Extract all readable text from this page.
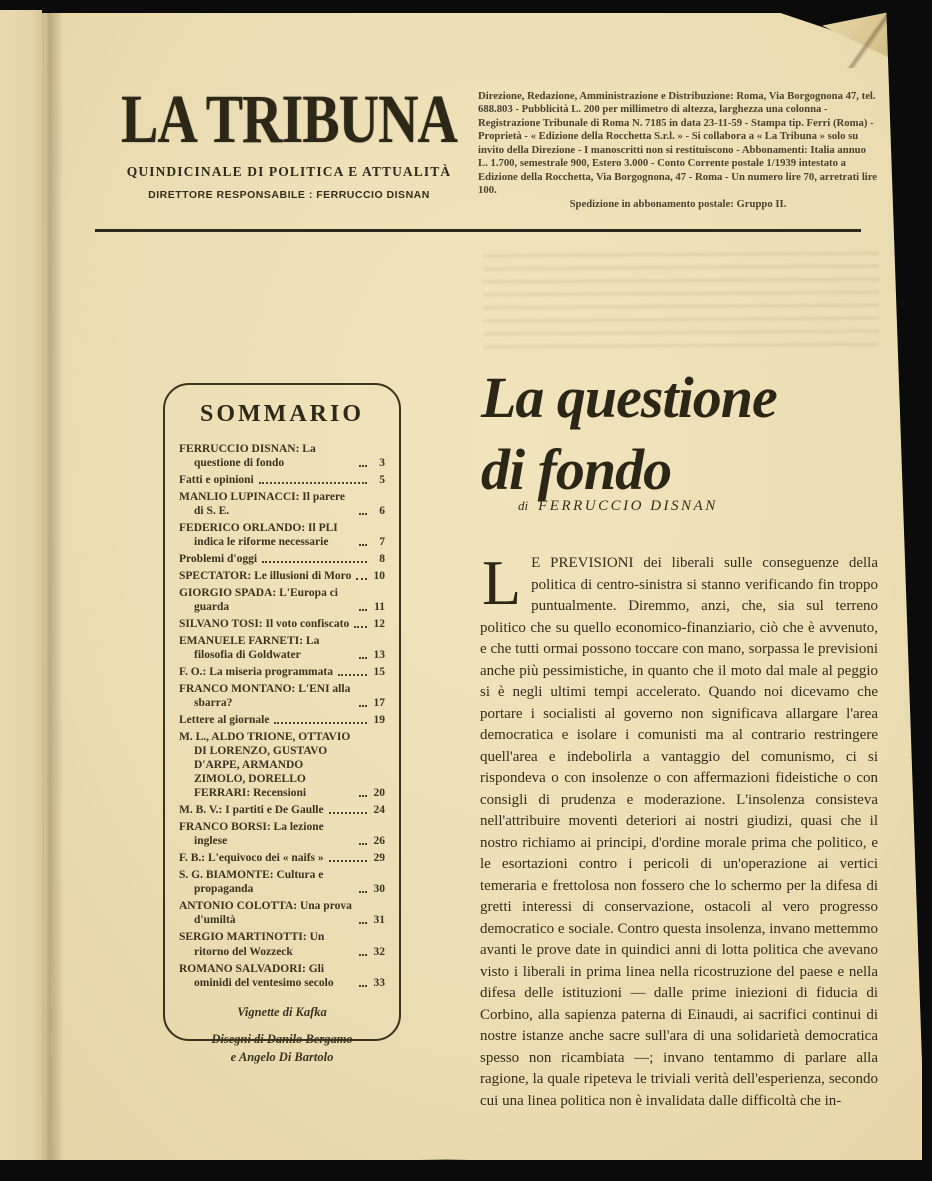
LA TRIBUNA
QUINDICINALE DI POLITICA E ATTUALITÀ
DIRETTORE RESPONSABILE : FERRUCCIO DISNAN
Direzione, Redazione, Amministrazione e Distribuzione: Roma, Via Borgognona 47, tel. 688.803 - Pubblicità L. 200 per millimetro di altezza, larghezza una colonna - Registrazione Tribunale di Roma N. 7185 in data 23-11-59 - Stampa tip. Ferri (Roma) - Proprietà - « Edizione della Rocchetta S.r.l. » - Si collabora a « La Tribuna » solo su invito della Direzione - I manoscritti non si restituiscono - Abbonamenti: Italia annuo L. 1.700, semestrale 900, Estero 3.000 - Conto Corrente postale 1/1939 intestato a Edizione della Rocchetta, Via Borgognona, 47 - Roma - Un numero lire 70, arretrati lire 100.
Spedizione in abbonamento postale: Gruppo II.
SOMMARIO
FERRUCCIO DISNAN: La questione di fondo	3
Fatti e opinioni	5
MANLIO LUPINACCI: Il parere di S. E.	6
FEDERICO ORLANDO: Il PLI indica le riforme necessarie	7
Problemi d'oggi	8
SPECTATOR: Le illusioni di Moro	10
GIORGIO SPADA: L'Europa ci guarda	11
SILVANO TOSI: Il voto confiscato	12
EMANUELE FARNETI: La filosofia di Goldwater	13
F. O.: La miseria programmata	15
FRANCO MONTANO: L'ENI alla sbarra?	17
Lettere al giornale	19
M. L., ALDO TRIONE, OTTAVIO DI LORENZO, GUSTAVO D'ARPE, ARMANDO ZIMOLO, DORELLO FERRARI: Recensioni	20
M. B. V.: I partiti e De Gaulle	24
FRANCO BORSI: La lezione inglese	26
F. B.: L'equivoco dei « naifs »	29
S. G. BIAMONTE: Cultura e propaganda	30
ANTONIO COLOTTA: Una prova d'umiltà	31
SERGIO MARTINOTTI: Un ritorno del Wozzeck	32
ROMANO SALVADORI: Gli ominidi del ventesimo secolo	33
Vignette di Kafka
Disegni di Danilo Bergamo
e Angelo Di Bartolo
La questione
di fondo
di FERRUCCIO DISNAN
L E PREVISIONI dei liberali sulle conseguenze della politica di centro-sinistra si stanno verificando fin troppo puntualmente. Diremmo, anzi, che, sia sul terreno politico che su quello economico-finanziario, ciò che è avvenuto, e che tutti ormai possono toccare con mano, sorpassa le previsioni anche più pessimistiche, in quanto che il moto dal male al peggio si è negli ultimi tempi accelerato. Quando noi dicevamo che portare i socialisti al governo non significava allargare l'area democratica e isolare i comunisti ma al contrario restringere quell'area e indebolirla a vantaggio del comunismo, ci si rispondeva o con insolenze o con affermazioni fideistiche o con consigli di prudenza e moderazione. L'insolenza consisteva nell'attribuire moventi deteriori ai nostri giudizi, quasi che il nostro richiamo ai principi, d'ordine morale prima che politico, e le esortazioni contro i pericoli di un'operazione ai vertici temeraria e frettolosa non fossero che lo schermo per la difesa di gretti interessi di conservazione, ostacoli al vero progresso democratico e sociale. Contro questa insolenza, invano mettemmo avanti le prove date in quindici anni di lotta politica che avevano visto i liberali in prima linea nella ricostruzione del paese e nella difesa delle istituzioni — dalle prime iniezioni di fiducia di Corbino, alla sapienza paterna di Einaudi, ai sacrifici continui di nostre istanze anche sacre sull'ara di una solidarietà democratica spesso non ricambiata —; invano tentammo di parlare alla ragione, la quale ripeteva le triviali verità dell'esperienza, secondo cui una linea politica non è invalidata dalle difficoltà che in-
